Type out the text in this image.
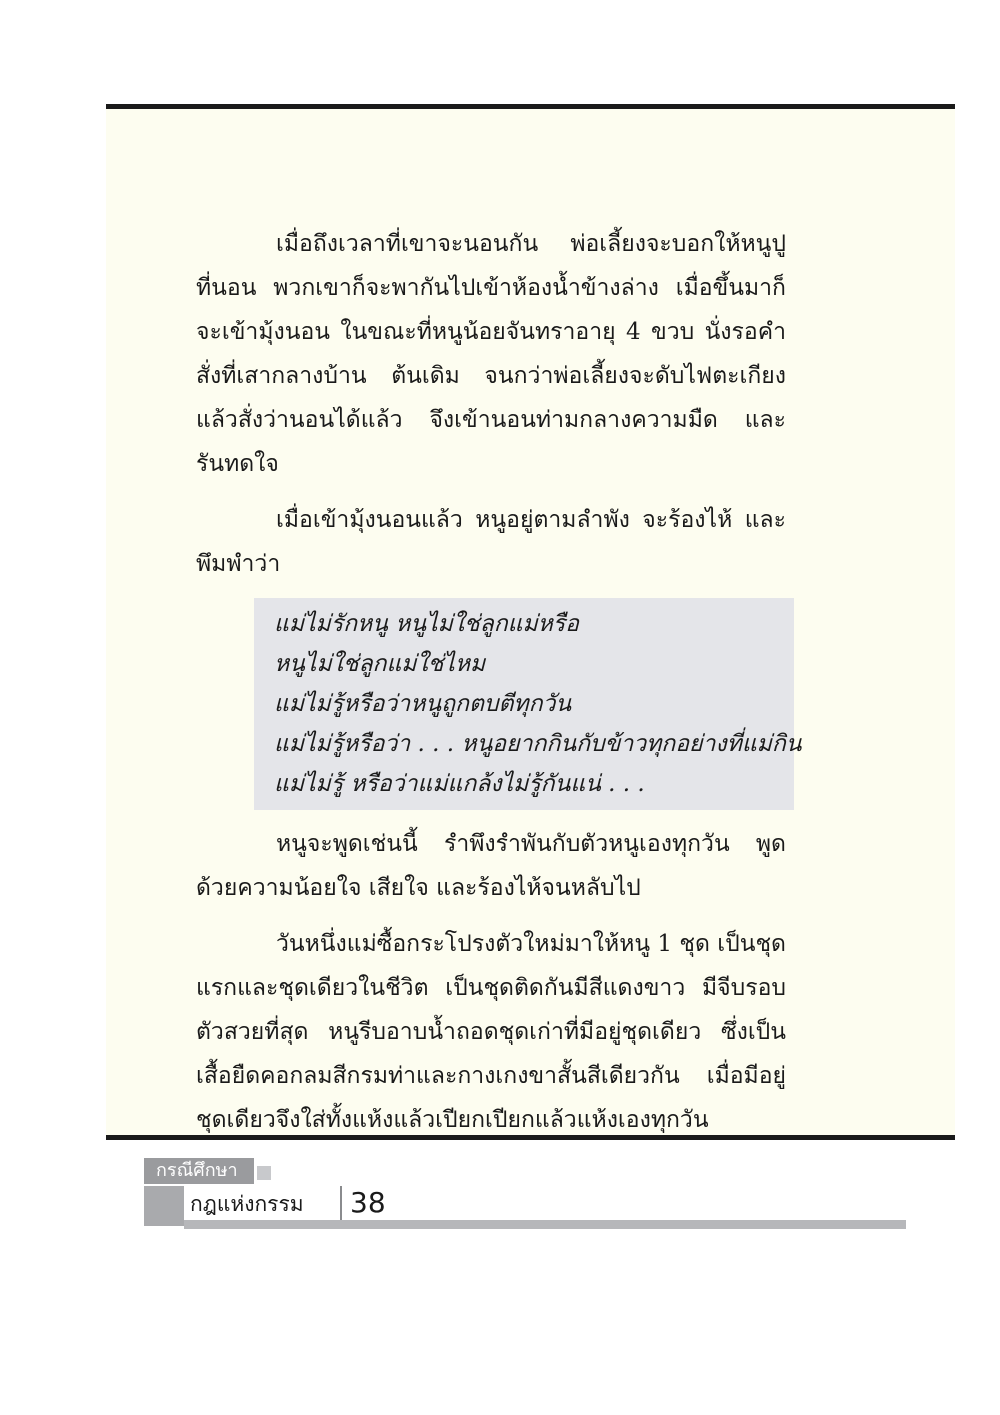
เมื่อถึงเวลาที่เขาจะนอนกัน พ่อเลี้ยงจะบอกให้หนูปูที่นอน พวกเขาก็จะพากันไปเข้าห้องน้ำข้างล่าง เมื่อขึ้นมาก็จะเข้ามุ้งนอน ในขณะที่หนูน้อยจันทราอายุ 4 ขวบ นั่งรอคำสั่งที่เสากลางบ้าน ต้นเดิม จนกว่าพ่อเลี้ยงจะดับไฟตะเกียง แล้วสั่งว่านอนได้แล้ว จึงเข้านอนท่ามกลางความมืด และรันทดใจ

เมื่อเข้ามุ้งนอนแล้ว หนูอยู่ตามลำพัง จะร้องไห้ และพึมพำว่า

แม่ไม่รักหนู หนูไม่ใช่ลูกแม่หรือ
หนูไม่ใช่ลูกแม่ใช่ไหม
แม่ไม่รู้หรือว่าหนูถูกตบตีทุกวัน
แม่ไม่รู้หรือว่า . . . หนูอยากกินกับข้าวทุกอย่างที่แม่กิน
แม่ไม่รู้ หรือว่าแม่แกล้งไม่รู้กันแน่ . . .

หนูจะพูดเช่นนี้ รำพึงรำพันกับตัวหนูเองทุกวัน พูดด้วยความน้อยใจ เสียใจ และร้องไห้จนหลับไป

วันหนึ่งแม่ซื้อกระโปรงตัวใหม่มาให้หนู 1 ชุด เป็นชุดแรกและชุดเดียวในชีวิต เป็นชุดติดกันมีสีแดงขาว มีจีบรอบตัวสวยที่สุด หนูรีบอาบน้ำถอดชุดเก่าที่มีอยู่ชุดเดียว ซึ่งเป็นเสื้อยืดคอกลมสีกรมท่าและกางเกงขาสั้นสีเดียวกัน เมื่อมีอยู่ชุดเดียวจึงใส่ทั้งแห้งแล้วเปียกเปียกแล้วแห้งเองทุกวัน

กรณีศึกษา
กฎแห่งกรรม 38
